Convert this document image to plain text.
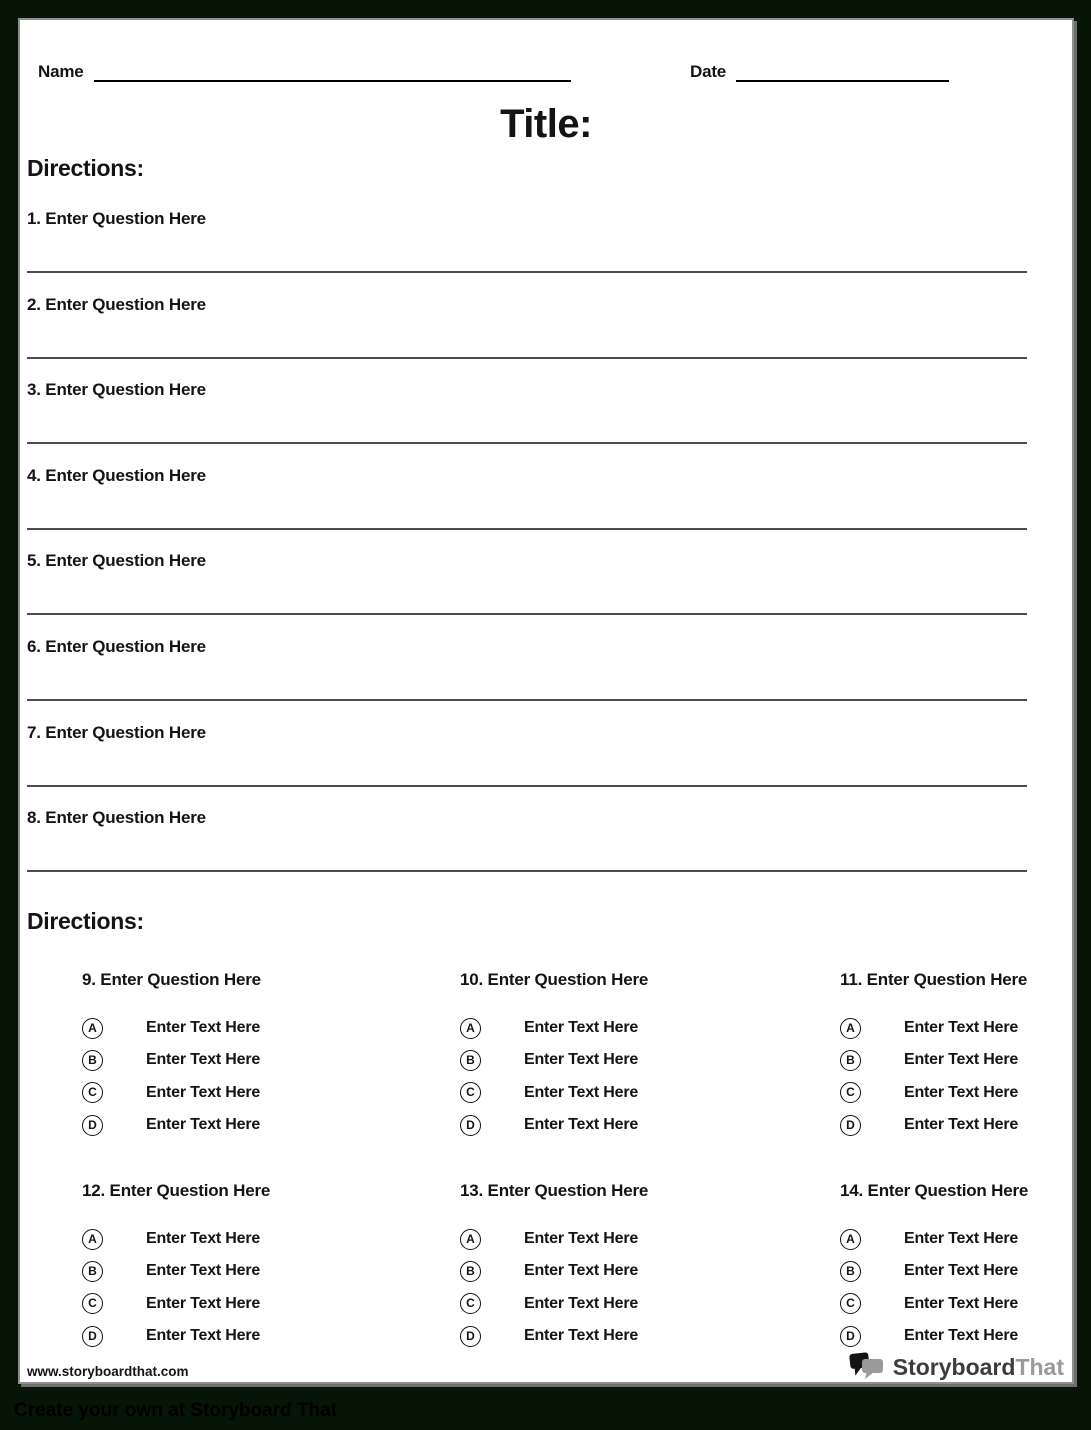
Name	Date
Title:
Directions:
1. Enter Question Here
2. Enter Question Here
3. Enter Question Here
4. Enter Question Here
5. Enter Question Here
6. Enter Question Here
7. Enter Question Here
8. Enter Question Here
Directions:
9. Enter Question Here
A	Enter Text Here
B	Enter Text Here
C	Enter Text Here
D	Enter Text Here
10. Enter Question Here
A	Enter Text Here
B	Enter Text Here
C	Enter Text Here
D	Enter Text Here
11. Enter Question Here
A	Enter Text Here
B	Enter Text Here
C	Enter Text Here
D	Enter Text Here
12. Enter Question Here
A	Enter Text Here
B	Enter Text Here
C	Enter Text Here
D	Enter Text Here
13. Enter Question Here
A	Enter Text Here
B	Enter Text Here
C	Enter Text Here
D	Enter Text Here
14. Enter Question Here
A	Enter Text Here
B	Enter Text Here
C	Enter Text Here
D	Enter Text Here
www.storyboardthat.com	StoryboardThat
Create your own at Storyboard That
